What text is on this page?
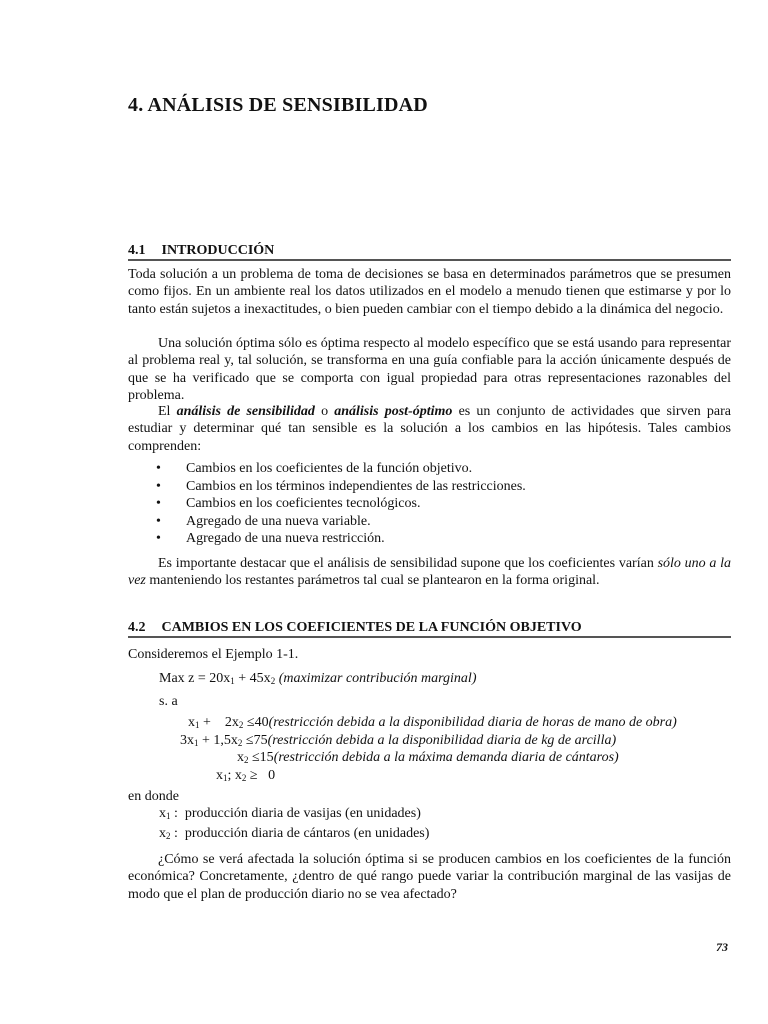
4. ANÁLISIS DE SENSIBILIDAD
4.1 INTRODUCCIÓN

Toda solución a un problema de toma de decisiones se basa en determinados parámetros que se presumen como fijos. En un ambiente real los datos utilizados en el modelo a menudo tienen que estimarse y por lo tanto están sujetos a inexactitudes, o bien pueden cambiar con el tiempo debido a la dinámica del negocio.

Una solución óptima sólo es óptima respecto al modelo específico que se está usando para representar al problema real y, tal solución, se transforma en una guía confiable para la acción únicamente después de que se ha verificado que se comporta con igual propiedad para otras representaciones razonables del problema.

El análisis de sensibilidad o análisis post-óptimo es un conjunto de actividades que sirven para estudiar y determinar qué tan sensible es la solución a los cambios en las hipótesis. Tales cambios comprenden:

• Cambios en los coeficientes de la función objetivo.
• Cambios en los términos independientes de las restricciones.
• Cambios en los coeficientes tecnológicos.
• Agregado de una nueva variable.
• Agregado de una nueva restricción.

Es importante destacar que el análisis de sensibilidad supone que los coeficientes varían sólo uno a la vez manteniendo los restantes parámetros tal cual se plantearon en la forma original.

4.2 CAMBIOS EN LOS COEFICIENTES DE LA FUNCIÓN OBJETIVO
Consideremos el Ejemplo 1-1.
Max $z = 20x_1 + 45x_2$ (maximizar contribución marginal)
s. a
$x_1$ +    $2x_2$ ≤40(restricción debida a la disponibilidad diaria de horas de mano de obra)
$3x_1 + 1,5x_2$ ≤75(restricción debida a la disponibilidad diaria de kg de arcilla)
$x_2$ ≤15(restricción debida a la máxima demanda diaria de cántaros)
$x_1$; $x_2 \ge 0$
en donde
$x_1$ :  producción diaria de vasijas (en unidades)
$x_2$ :  producción diaria de cántaros (en unidades)

¿Cómo se verá afectada la solución óptima si se producen cambios en los coeficientes de la función económica? Concretamente, ¿dentro de qué rango puede variar la contribución marginal de las vasijas de modo que el plan de producción diario no se vea afectado?

73
